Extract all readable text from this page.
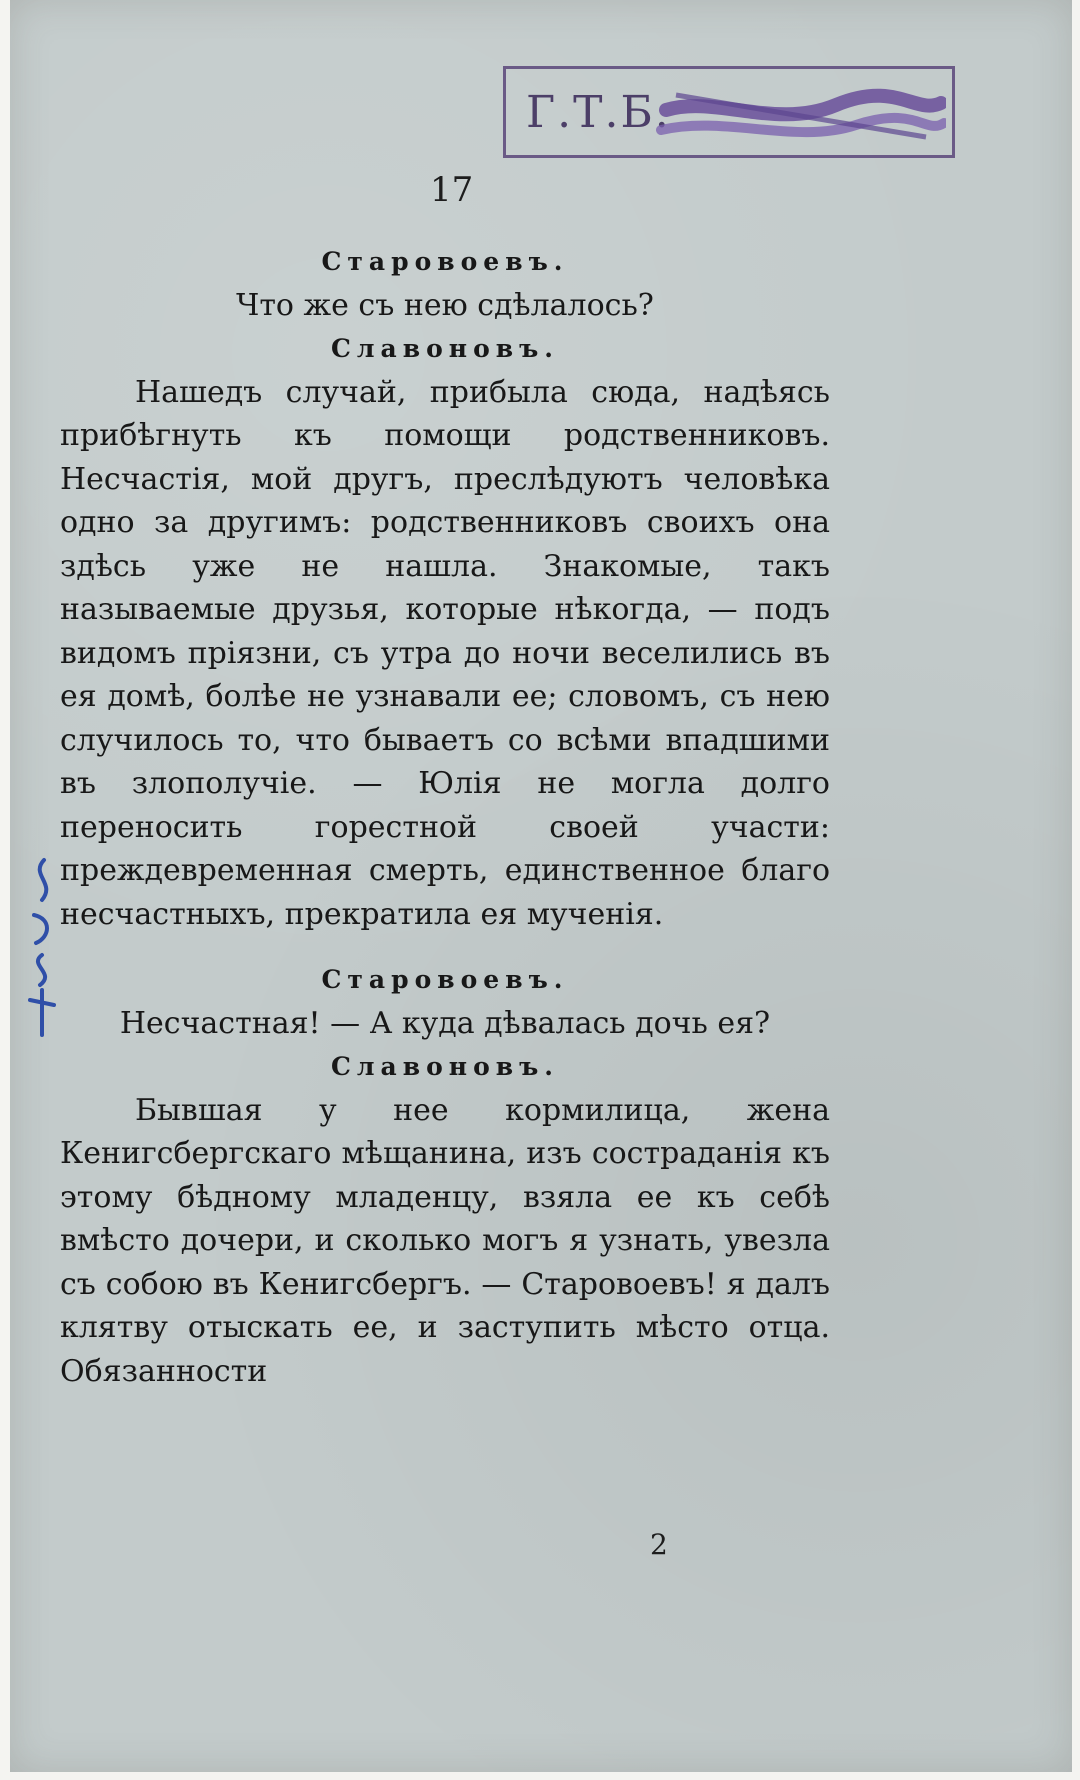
Г.Т.Б.
17
Старовоевъ.
Что же съ нею сдѣлалось?
Славоновъ.
Нашедъ случай, прибыла сюда, надѣясь прибѣгнуть къ помощи родственниковъ. Несчастія, мой другъ, преслѣдуютъ человѣка одно за другимъ: родственниковъ своихъ она здѣсь уже не нашла. Знакомые, такъ называемые друзья, которые нѣкогда, — подъ видомъ пріязни, съ утра до ночи веселились въ ея домѣ, болѣе не узнавали ее; словомъ, съ нею случилось то, что бываетъ со всѣми впадшими въ злополучіе. — Юлія не могла долго переносить горестной своей участи: преждевременная смерть, единственное благо несчастныхъ, прекратила ея мученія.
Старовоевъ.
Несчастная! — А куда дѣвалась дочь ея?
Славоновъ.
Бывшая у нее кормилица, жена Кенигсбергскаго мѣщанина, изъ состраданія къ этому бѣдному младенцу, взяла ее къ себѣ вмѣсто дочери, и сколько могъ я узнать, увезла съ собою въ Кенигсбергъ. — Старовоевъ! я далъ клятву отыскать ее, и заступить мѣсто отца. Обязанности
2
